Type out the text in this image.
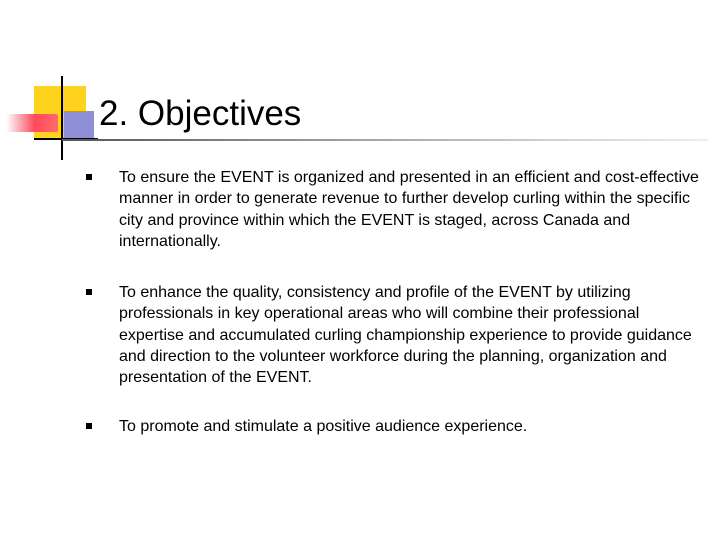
2. Objectives
To ensure the EVENT is organized and presented in an efficient and cost-effective manner in order to generate revenue to further develop curling within the specific city and province within which the EVENT is staged, across Canada and internationally.
To enhance the quality, consistency and profile of the EVENT by utilizing professionals in key operational areas who will combine their professional expertise and accumulated curling championship experience to provide guidance and direction to the volunteer workforce during the planning, organization and presentation of the EVENT.
To promote and stimulate a positive audience experience.
